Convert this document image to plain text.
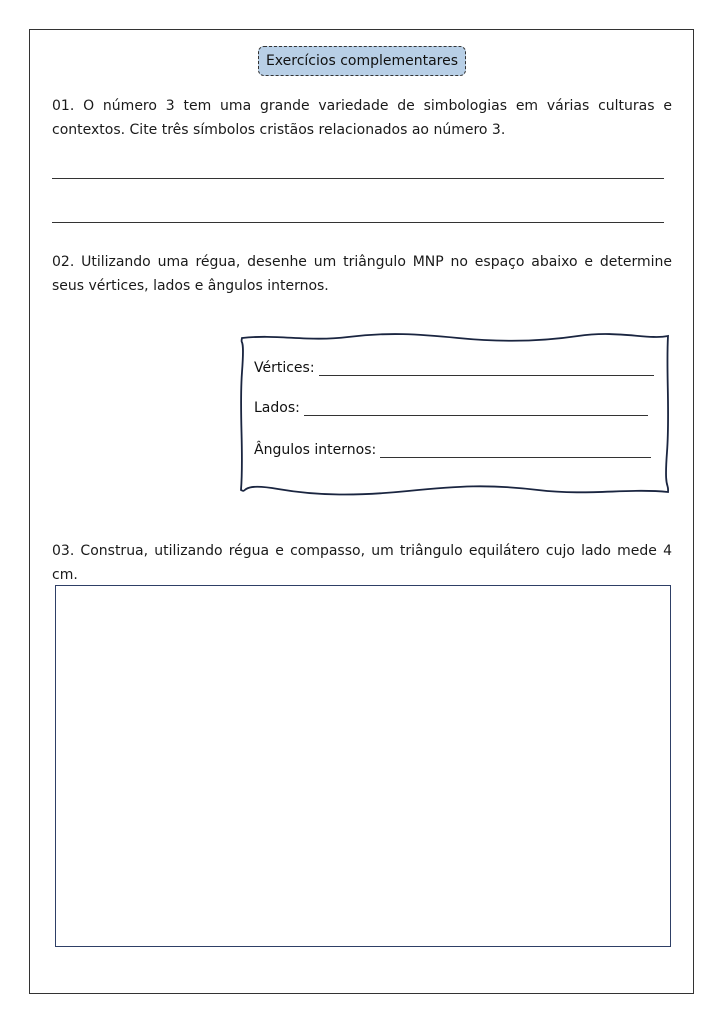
Exercícios complementares
01. O número 3 tem uma grande variedade de simbologias em várias culturas e contextos. Cite três símbolos cristãos relacionados ao número 3.
02. Utilizando uma régua, desenhe um triângulo MNP no espaço abaixo e determine seus vértices, lados e ângulos internos.
Vértices:
Lados:
Ângulos internos:
03. Construa, utilizando régua e compasso, um triângulo equilátero cujo lado mede 4 cm.
